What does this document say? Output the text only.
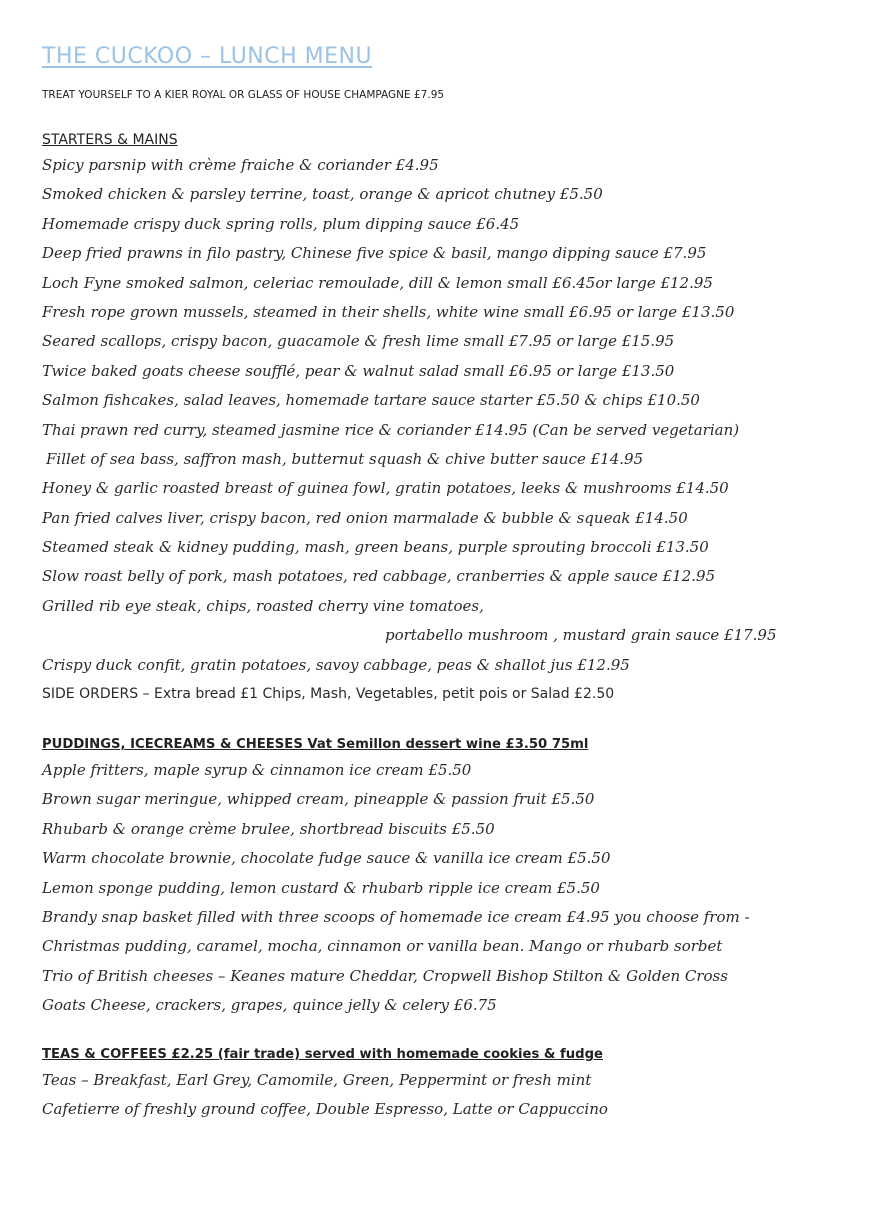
THE CUCKOO – LUNCH MENU
TREAT YOURSELF TO A KIER ROYAL OR GLASS OF HOUSE CHAMPAGNE £7.95
STARTERS & MAINS
Spicy parsnip with crème fraiche & coriander £4.95
Smoked chicken & parsley terrine, toast, orange & apricot chutney £5.50
Homemade crispy duck spring rolls, plum dipping sauce £6.45
Deep fried prawns in filo pastry, Chinese five spice & basil, mango dipping sauce £7.95
Loch Fyne smoked salmon, celeriac remoulade, dill & lemon small £6.45or large £12.95
Fresh rope grown mussels, steamed in their shells, white wine small £6.95 or large £13.50
Seared scallops, crispy bacon, guacamole & fresh lime small £7.95 or large £15.95
Twice baked goats cheese soufflé, pear & walnut salad small £6.95 or large £13.50
Salmon fishcakes, salad leaves, homemade tartare sauce starter £5.50 & chips £10.50
Thai prawn red curry, steamed jasmine rice & coriander £14.95 (Can be served vegetarian)
Fillet of sea bass, saffron mash, butternut squash & chive butter sauce £14.95
Honey & garlic roasted breast of guinea fowl, gratin potatoes, leeks & mushrooms £14.50
Pan fried calves liver, crispy bacon, red onion marmalade & bubble & squeak £14.50
Steamed steak & kidney pudding, mash, green beans, purple sprouting broccoli £13.50
Slow roast belly of pork, mash potatoes, red cabbage, cranberries & apple sauce £12.95
Grilled rib eye steak, chips, roasted cherry vine tomatoes,
portabello mushroom , mustard grain sauce £17.95
Crispy duck confit, gratin potatoes, savoy cabbage, peas & shallot jus £12.95
SIDE ORDERS – Extra bread £1 Chips, Mash, Vegetables, petit pois or Salad £2.50
PUDDINGS, ICECREAMS & CHEESES Vat Semillon dessert wine £3.50 75ml
Apple fritters, maple syrup & cinnamon ice cream £5.50
Brown sugar meringue, whipped cream, pineapple & passion fruit £5.50
Rhubarb & orange crème brulee, shortbread biscuits £5.50
Warm chocolate brownie, chocolate fudge sauce & vanilla ice cream £5.50
Lemon sponge pudding, lemon custard & rhubarb ripple ice cream £5.50
Brandy snap basket filled with three scoops of homemade ice cream £4.95 you choose from -
Christmas pudding, caramel, mocha, cinnamon or vanilla bean. Mango or rhubarb sorbet
Trio of British cheeses – Keanes mature Cheddar, Cropwell Bishop Stilton & Golden Cross
Goats Cheese, crackers, grapes, quince jelly & celery £6.75
TEAS & COFFEES £2.25 (fair trade) served with homemade cookies & fudge
Teas – Breakfast, Earl Grey, Camomile, Green, Peppermint or fresh mint
Cafetierre of freshly ground coffee, Double Espresso, Latte or Cappuccino
